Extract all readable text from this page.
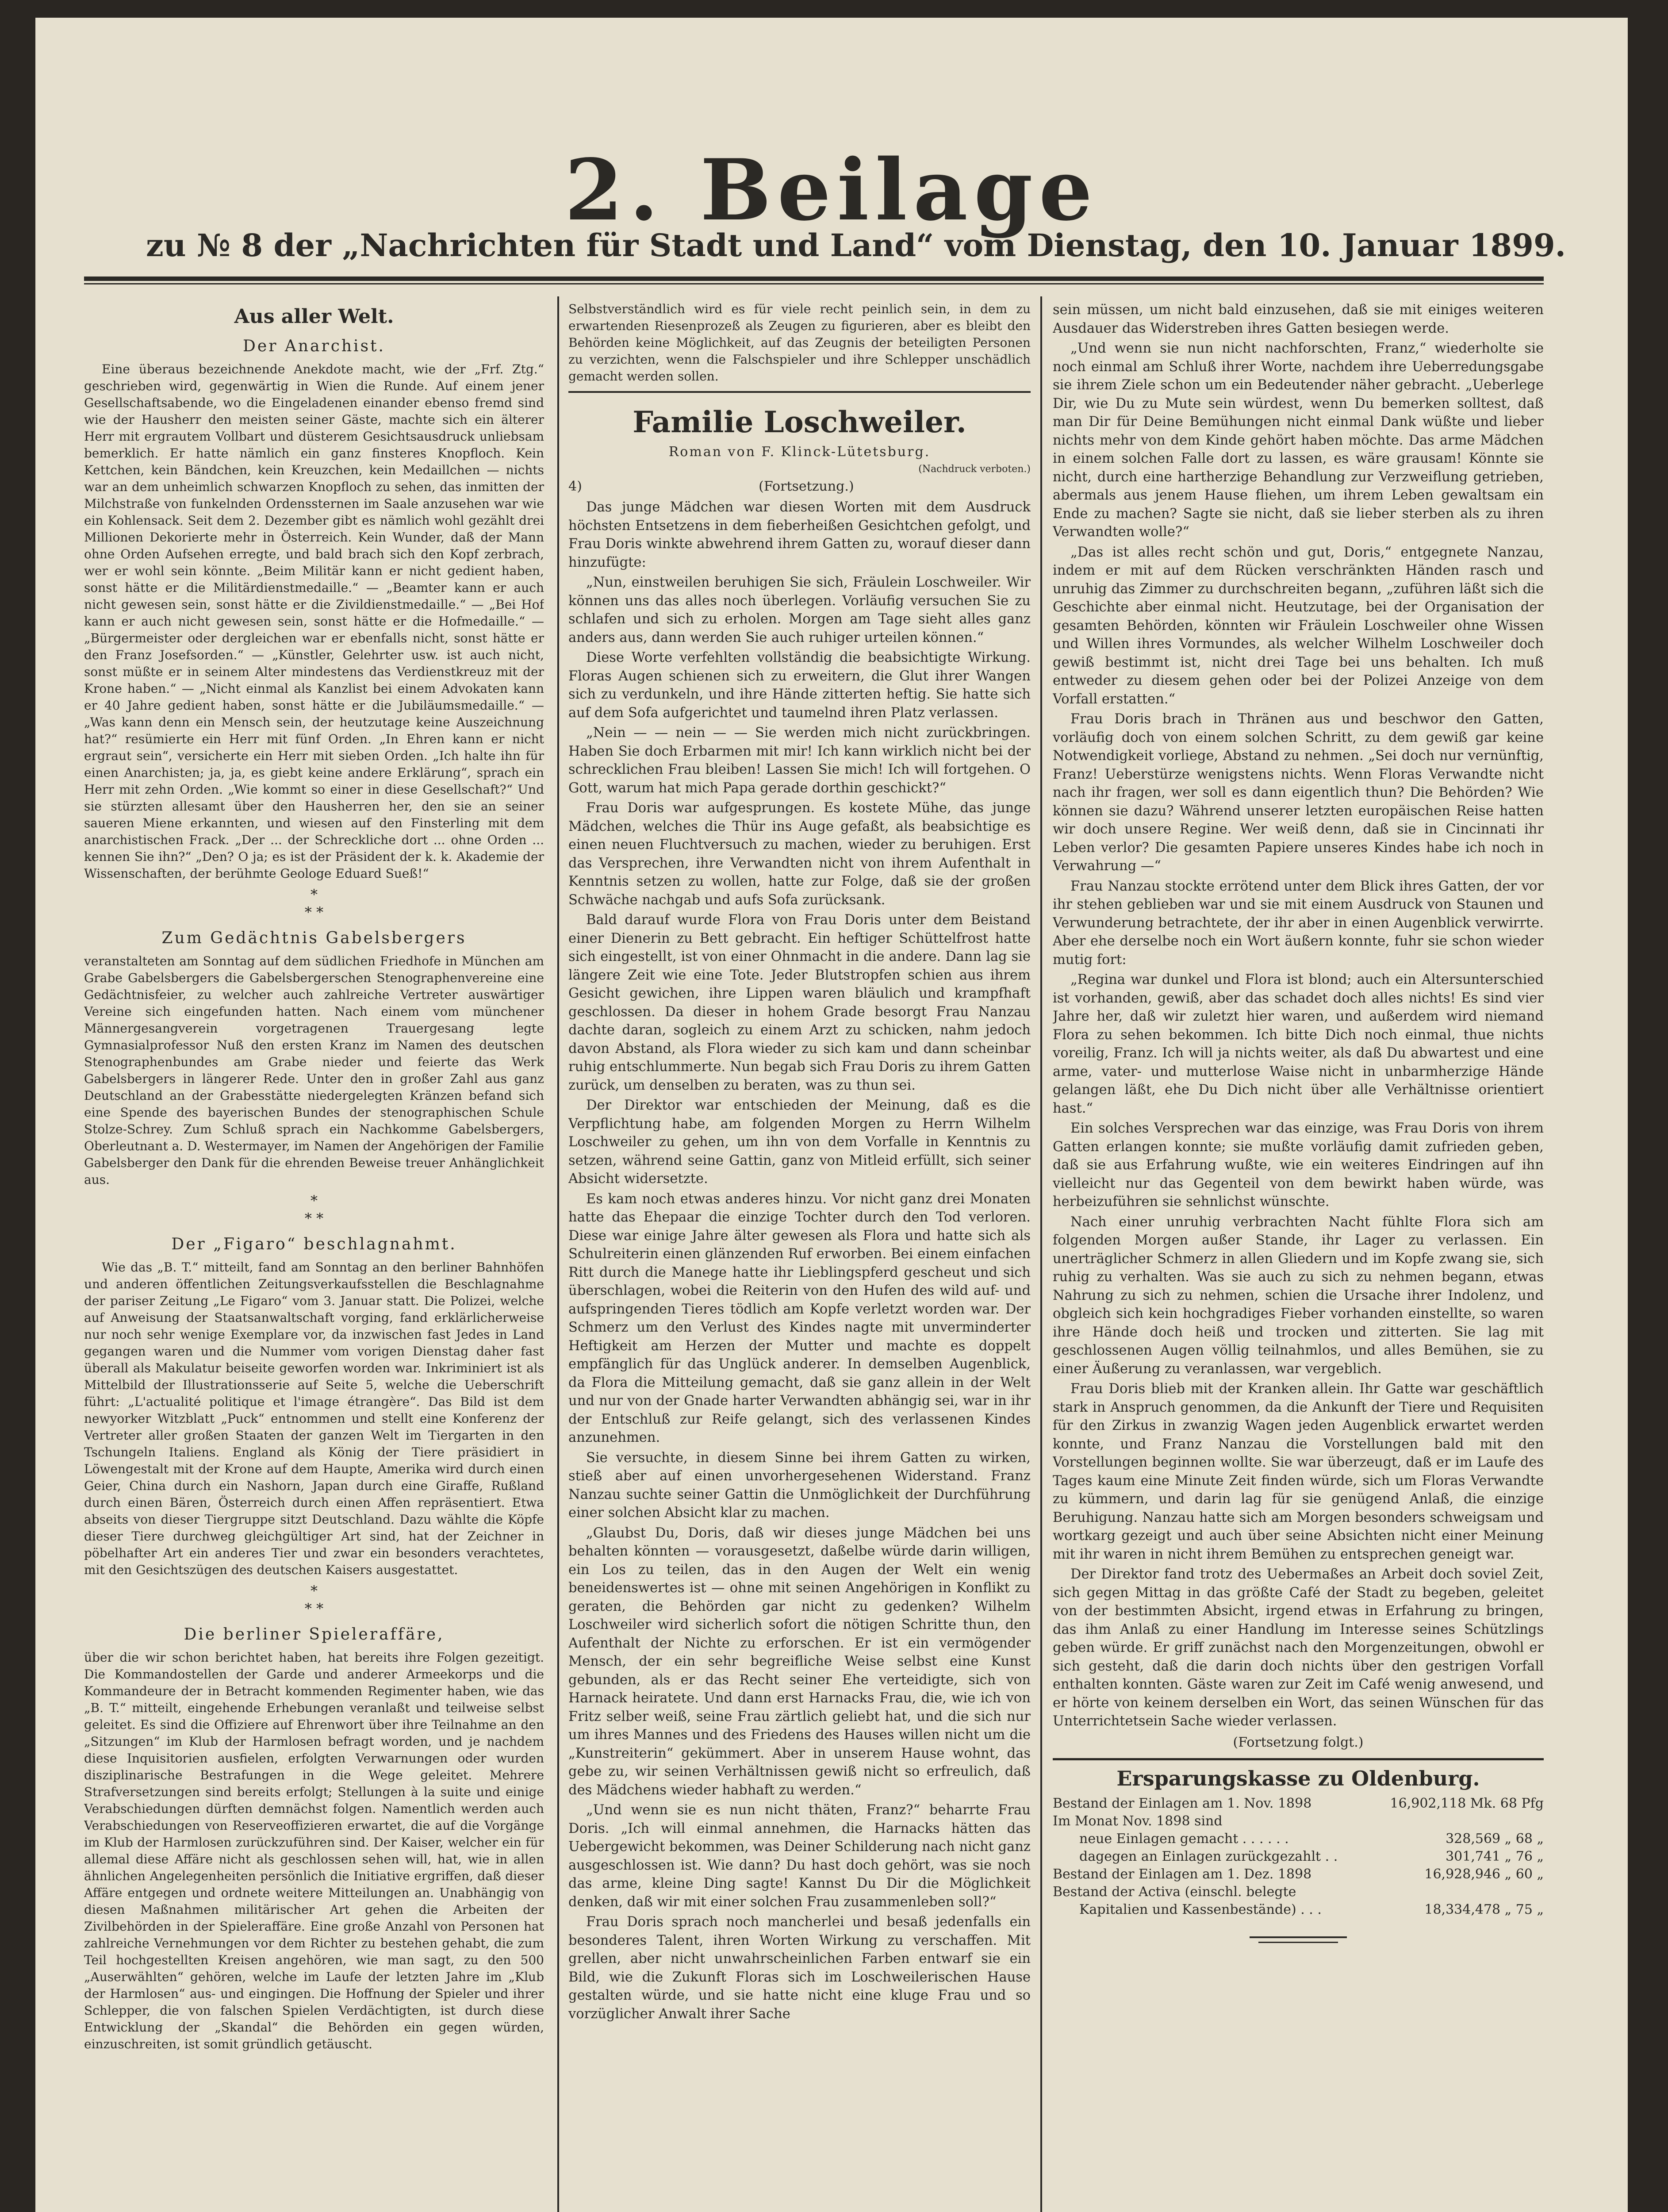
2. Beilage
zu № 8 der „Nachrichten für Stadt und Land“ vom Dienstag, den 10. Januar 1899.
Aus aller Welt.
Der Anarchist.

Eine überaus bezeichnende Anekdote macht, wie der „Frf. Ztg.“ geschrieben wird, gegenwärtig in Wien die Runde. Auf einem jener Gesellschaftsabende, wo die Eingeladenen einander ebenso fremd sind wie der Hausherr den meisten seiner Gäste, machte sich ein älterer Herr mit ergrautem Vollbart und düsterem Gesichtsausdruck unliebsam bemerklich. Er hatte nämlich ein ganz finsteres Knopfloch. Kein Kettchen, kein Bändchen, kein Kreuzchen, kein Medaillchen — nichts war an dem unheimlich schwarzen Knopfloch zu sehen, das inmitten der Milchstraße von funkelnden Ordenssternen im Saale anzusehen war wie ein Kohlensack. Seit dem 2. Dezember gibt es nämlich wohl gezählt drei Millionen Dekorierte mehr in Österreich. Kein Wunder, daß der Mann ohne Orden Aufsehen erregte, und bald brach sich den Kopf zerbrach, wer er wohl sein könnte. „Beim Militär kann er nicht gedient haben, sonst hätte er die Militärdienstmedaille.“ — „Beamter kann er auch nicht gewesen sein, sonst hätte er die Zivildienstmedaille.“ — „Bei Hof kann er auch nicht gewesen sein, sonst hätte er die Hofmedaille.“ — „Bürgermeister oder dergleichen war er ebenfalls nicht, sonst hätte er den Franz Josefsorden.“ — „Künstler, Gelehrter usw. ist auch nicht, sonst müßte er in seinem Alter mindestens das Verdienstkreuz mit der Krone haben.“ — „Nicht einmal als Kanzlist bei einem Advokaten kann er 40 Jahre gedient haben, sonst hätte er die Jubiläumsmedaille.“ — „Was kann denn ein Mensch sein, der heutzutage keine Auszeichnung hat?“ resümierte ein Herr mit fünf Orden. „In Ehren kann er nicht ergraut sein“, versicherte ein Herr mit sieben Orden. „Ich halte ihn für einen Anarchisten; ja, ja, es giebt keine andere Erklärung“, sprach ein Herr mit zehn Orden. „Wie kommt so einer in diese Gesellschaft?“ Und sie stürzten allesamt über den Hausherren her, den sie an seiner saueren Miene erkannten, und wiesen auf den Finsterling mit dem anarchistischen Frack. „Der ... der Schreckliche dort ... ohne Orden ... kennen Sie ihn?“ „Den? O ja; es ist der Präsident der k. k. Akademie der Wissenschaften, der berühmte Geologe Eduard Sueß!“

*
* *
Zum Gedächtnis Gabelsbergers

veranstalteten am Sonntag auf dem südlichen Friedhofe in München am Grabe Gabelsbergers die Gabelsbergerschen Stenographenvereine eine Gedächtnisfeier, zu welcher auch zahlreiche Vertreter auswärtiger Vereine sich eingefunden hatten. Nach einem vom münchener Männergesangverein vorgetragenen Trauergesang legte Gymnasialprofessor Nuß den ersten Kranz im Namen des deutschen Stenographenbundes am Grabe nieder und feierte das Werk Gabelsbergers in längerer Rede. Unter den in großer Zahl aus ganz Deutschland an der Grabesstätte niedergelegten Kränzen befand sich eine Spende des bayerischen Bundes der stenographischen Schule Stolze-Schrey. Zum Schluß sprach ein Nachkomme Gabelsbergers, Oberleutnant a. D. Westermayer, im Namen der Angehörigen der Familie Gabelsberger den Dank für die ehrenden Beweise treuer Anhänglichkeit aus.

*
* *
Der „Figaro“ beschlagnahmt.

Wie das „B. T.“ mitteilt, fand am Sonntag an den berliner Bahnhöfen und anderen öffentlichen Zeitungsverkaufsstellen die Beschlagnahme der pariser Zeitung „Le Figaro“ vom 3. Januar statt. Die Polizei, welche auf Anweisung der Staatsanwaltschaft vorging, fand erklärlicherweise nur noch sehr wenige Exemplare vor, da inzwischen fast Jedes in Land gegangen waren und die Nummer vom vorigen Dienstag daher fast überall als Makulatur beiseite geworfen worden war. Inkriminiert ist als Mittelbild der Illustrationsserie auf Seite 5, welche die Ueberschrift führt: „L'actualité politique et l'image étrangère“. Das Bild ist dem newyorker Witzblatt „Puck“ entnommen und stellt eine Konferenz der Vertreter aller großen Staaten der ganzen Welt im Tiergarten in den Tschungeln Italiens. England als König der Tiere präsidiert in Löwengestalt mit der Krone auf dem Haupte, Amerika wird durch einen Geier, China durch ein Nashorn, Japan durch eine Giraffe, Rußland durch einen Bären, Österreich durch einen Affen repräsentiert. Etwa abseits von dieser Tiergruppe sitzt Deutschland. Dazu wählte die Köpfe dieser Tiere durchweg gleichgültiger Art sind, hat der Zeichner in pöbelhafter Art ein anderes Tier und zwar ein besonders verachtetes, mit den Gesichtszügen des deutschen Kaisers ausgestattet.

*
* *
Die berliner Spieleraffäre,

über die wir schon berichtet haben, hat bereits ihre Folgen gezeitigt. Die Kommandostellen der Garde und anderer Armeekorps und die Kommandeure der in Betracht kommenden Regimenter haben, wie das „B. T.“ mitteilt, eingehende Erhebungen veranlaßt und teilweise selbst geleitet. Es sind die Offiziere auf Ehrenwort über ihre Teilnahme an den „Sitzungen“ im Klub der Harmlosen befragt worden, und je nachdem diese Inquisitorien ausfielen, erfolgten Verwarnungen oder wurden disziplinarische Bestrafungen in die Wege geleitet. Mehrere Strafversetzungen sind bereits erfolgt; Stellungen à la suite und einige Verabschiedungen dürften demnächst folgen. Namentlich werden auch Verabschiedungen von Reserveoffizieren erwartet, die auf die Vorgänge im Klub der Harmlosen zurückzuführen sind. Der Kaiser, welcher ein für allemal diese Affäre nicht als geschlossen sehen will, hat, wie in allen ähnlichen Angelegenheiten persönlich die Initiative ergriffen, daß dieser Affäre entgegen und ordnete weitere Mitteilungen an. Unabhängig von diesen Maßnahmen militärischer Art gehen die Arbeiten der Zivilbehörden in der Spieleraffäre. Eine große Anzahl von Personen hat zahlreiche Vernehmungen vor dem Richter zu bestehen gehabt, die zum Teil hochgestellten Kreisen angehören, wie man sagt, zu den 500 „Auserwählten“ gehören, welche im Laufe der letzten Jahre im „Klub der Harmlosen“ aus- und eingingen. Die Hoffnung der Spieler und ihrer Schlepper, die von falschen Spielen Verdächtigten, ist durch diese Entwicklung der „Skandal“ die Behörden ein gegen würden, einzuschreiten, ist somit gründlich getäuscht.

Selbstverständlich wird es für viele recht peinlich sein, in dem zu erwartenden Riesenprozeß als Zeugen zu figurieren, aber es bleibt den Behörden keine Möglichkeit, auf das Zeugnis der beteiligten Personen zu verzichten, wenn die Falschspieler und ihre Schlepper unschädlich gemacht werden sollen.

Familie Loschweiler.
Roman von F. Klinck-Lütetsburg.
(Nachdruck verboten.)
4)	(Fortsetzung.)

Das junge Mädchen war diesen Worten mit dem Ausdruck höchsten Entsetzens in dem fieberheißen Gesichtchen gefolgt, und Frau Doris winkte abwehrend ihrem Gatten zu, worauf dieser dann hinzufügte:

„Nun, einstweilen beruhigen Sie sich, Fräulein Loschweiler. Wir können uns das alles noch überlegen. Vorläufig versuchen Sie zu schlafen und sich zu erholen. Morgen am Tage sieht alles ganz anders aus, dann werden Sie auch ruhiger urteilen können.“

Diese Worte verfehlten vollständig die beabsichtigte Wirkung. Floras Augen schienen sich zu erweitern, die Glut ihrer Wangen sich zu verdunkeln, und ihre Hände zitterten heftig. Sie hatte sich auf dem Sofa aufgerichtet und taumelnd ihren Platz verlassen.

„Nein — — nein — — Sie werden mich nicht zurückbringen. Haben Sie doch Erbarmen mit mir! Ich kann wirklich nicht bei der schrecklichen Frau bleiben! Lassen Sie mich! Ich will fortgehen. O Gott, warum hat mich Papa gerade dorthin geschickt?“

Frau Doris war aufgesprungen. Es kostete Mühe, das junge Mädchen, welches die Thür ins Auge gefaßt, als beabsichtige es einen neuen Fluchtversuch zu machen, wieder zu beruhigen. Erst das Versprechen, ihre Verwandten nicht von ihrem Aufenthalt in Kenntnis setzen zu wollen, hatte zur Folge, daß sie der großen Schwäche nachgab und aufs Sofa zurücksank.

Bald darauf wurde Flora von Frau Doris unter dem Beistand einer Dienerin zu Bett gebracht. Ein heftiger Schüttelfrost hatte sich eingestellt, ist von einer Ohnmacht in die andere. Dann lag sie längere Zeit wie eine Tote. Jeder Blutstropfen schien aus ihrem Gesicht gewichen, ihre Lippen waren bläulich und krampfhaft geschlossen. Da dieser in hohem Grade besorgt Frau Nanzau dachte daran, sogleich zu einem Arzt zu schicken, nahm jedoch davon Abstand, als Flora wieder zu sich kam und dann scheinbar ruhig entschlummerte. Nun begab sich Frau Doris zu ihrem Gatten zurück, um denselben zu beraten, was zu thun sei.

Der Direktor war entschieden der Meinung, daß es die Verpflichtung habe, am folgenden Morgen zu Herrn Wilhelm Loschweiler zu gehen, um ihn von dem Vorfalle in Kenntnis zu setzen, während seine Gattin, ganz von Mitleid erfüllt, sich seiner Absicht widersetzte.

Es kam noch etwas anderes hinzu. Vor nicht ganz drei Monaten hatte das Ehepaar die einzige Tochter durch den Tod verloren. Diese war einige Jahre älter gewesen als Flora und hatte sich als Schulreiterin einen glänzenden Ruf erworben. Bei einem einfachen Ritt durch die Manege hatte ihr Lieblingspferd gescheut und sich überschlagen, wobei die Reiterin von den Hufen des wild auf- und aufspringenden Tieres tödlich am Kopfe verletzt worden war. Der Schmerz um den Verlust des Kindes nagte mit unverminderter Heftigkeit am Herzen der Mutter und machte es doppelt empfänglich für das Unglück anderer. In demselben Augenblick, da Flora die Mitteilung gemacht, daß sie ganz allein in der Welt und nur von der Gnade harter Verwandten abhängig sei, war in ihr der Entschluß zur Reife gelangt, sich des verlassenen Kindes anzunehmen.

Sie versuchte, in diesem Sinne bei ihrem Gatten zu wirken, stieß aber auf einen unvorhergesehenen Widerstand. Franz Nanzau suchte seiner Gattin die Unmöglichkeit der Durchführung einer solchen Absicht klar zu machen.

„Glaubst Du, Doris, daß wir dieses junge Mädchen bei uns behalten könnten — vorausgesetzt, daßelbe würde darin willigen, ein Los zu teilen, das in den Augen der Welt ein wenig beneidenswertes ist — ohne mit seinen Angehörigen in Konflikt zu geraten, die Behörden gar nicht zu gedenken? Wilhelm Loschweiler wird sicherlich sofort die nötigen Schritte thun, den Aufenthalt der Nichte zu erforschen. Er ist ein vermögender Mensch, der ein sehr begreifliche Weise selbst eine Kunst gebunden, als er das Recht seiner Ehe verteidigte, sich von Harnack heiratete. Und dann erst Harnacks Frau, die, wie ich von Fritz selber weiß, seine Frau zärtlich geliebt hat, und die sich nur um ihres Mannes und des Friedens des Hauses willen nicht um die „Kunstreiterin“ gekümmert. Aber in unserem Hause wohnt, das gebe zu, wir seinen Verhältnissen gewiß nicht so erfreulich, daß des Mädchens wieder habhaft zu werden.“

„Und wenn sie es nun nicht thäten, Franz?“ beharrte Frau Doris. „Ich will einmal annehmen, die Harnacks hätten das Uebergewicht bekommen, was Deiner Schilderung nach nicht ganz ausgeschlossen ist. Wie dann? Du hast doch gehört, was sie noch das arme, kleine Ding sagte! Kannst Du Dir die Möglichkeit denken, daß wir mit einer solchen Frau zusammenleben soll?“

Frau Doris sprach noch mancherlei und besaß jedenfalls ein besonderes Talent, ihren Worten Wirkung zu verschaffen. Mit grellen, aber nicht unwahrscheinlichen Farben entwarf sie ein Bild, wie die Zukunft Floras sich im Loschweilerischen Hause gestalten würde, und sie hatte nicht eine kluge Frau und so vorzüglicher Anwalt ihrer Sache

sein müssen, um nicht bald einzusehen, daß sie mit einiges weiteren Ausdauer das Widerstreben ihres Gatten besiegen werde.

„Und wenn sie nun nicht nachforschten, Franz,“ wiederholte sie noch einmal am Schluß ihrer Worte, nachdem ihre Ueberredungsgabe sie ihrem Ziele schon um ein Bedeutender näher gebracht. „Ueberlege Dir, wie Du zu Mute sein würdest, wenn Du bemerken solltest, daß man Dir für Deine Bemühungen nicht einmal Dank wüßte und lieber nichts mehr von dem Kinde gehört haben möchte. Das arme Mädchen in einem solchen Falle dort zu lassen, es wäre grausam! Könnte sie nicht, durch eine hartherzige Behandlung zur Verzweiflung getrieben, abermals aus jenem Hause fliehen, um ihrem Leben gewaltsam ein Ende zu machen? Sagte sie nicht, daß sie lieber sterben als zu ihren Verwandten wolle?“

„Das ist alles recht schön und gut, Doris,“ entgegnete Nanzau, indem er mit auf dem Rücken verschränkten Händen rasch und unruhig das Zimmer zu durchschreiten begann, „zuführen läßt sich die Geschichte aber einmal nicht. Heutzutage, bei der Organisation der gesamten Behörden, könnten wir Fräulein Loschweiler ohne Wissen und Willen ihres Vormundes, als welcher Wilhelm Loschweiler doch gewiß bestimmt ist, nicht drei Tage bei uns behalten. Ich muß entweder zu diesem gehen oder bei der Polizei Anzeige von dem Vorfall erstatten.“

Frau Doris brach in Thränen aus und beschwor den Gatten, vorläufig doch von einem solchen Schritt, zu dem gewiß gar keine Notwendigkeit vorliege, Abstand zu nehmen. „Sei doch nur vernünftig, Franz! Ueberstürze wenigstens nichts. Wenn Floras Verwandte nicht nach ihr fragen, wer soll es dann eigentlich thun? Die Behörden? Wie können sie dazu? Während unserer letzten europäischen Reise hatten wir doch unsere Regine. Wer weiß denn, daß sie in Cincinnati ihr Leben verlor? Die gesamten Papiere unseres Kindes habe ich noch in Verwahrung —“

Frau Nanzau stockte errötend unter dem Blick ihres Gatten, der vor ihr stehen geblieben war und sie mit einem Ausdruck von Staunen und Verwunderung betrachtete, der ihr aber in einen Augenblick verwirrte. Aber ehe derselbe noch ein Wort äußern konnte, fuhr sie schon wieder mutig fort:

„Regina war dunkel und Flora ist blond; auch ein Altersunterschied ist vorhanden, gewiß, aber das schadet doch alles nichts! Es sind vier Jahre her, daß wir zuletzt hier waren, und außerdem wird niemand Flora zu sehen bekommen. Ich bitte Dich noch einmal, thue nichts voreilig, Franz. Ich will ja nichts weiter, als daß Du abwartest und eine arme, vater- und mutterlose Waise nicht in unbarmherzige Hände gelangen läßt, ehe Du Dich nicht über alle Verhältnisse orientiert hast.“

Ein solches Versprechen war das einzige, was Frau Doris von ihrem Gatten erlangen konnte; sie mußte vorläufig damit zufrieden geben, daß sie aus Erfahrung wußte, wie ein weiteres Eindringen auf ihn vielleicht nur das Gegenteil von dem bewirkt haben würde, was herbeizuführen sie sehnlichst wünschte.

Nach einer unruhig verbrachten Nacht fühlte Flora sich am folgenden Morgen außer Stande, ihr Lager zu verlassen. Ein unerträglicher Schmerz in allen Gliedern und im Kopfe zwang sie, sich ruhig zu verhalten. Was sie auch zu sich zu nehmen begann, etwas Nahrung zu sich zu nehmen, schien die Ursache ihrer Indolenz, und obgleich sich kein hochgradiges Fieber vorhanden einstellte, so waren ihre Hände doch heiß und trocken und zitterten. Sie lag mit geschlossenen Augen völlig teilnahmlos, und alles Bemühen, sie zu einer Äußerung zu veranlassen, war vergeblich.

Frau Doris blieb mit der Kranken allein. Ihr Gatte war geschäftlich stark in Anspruch genommen, da die Ankunft der Tiere und Requisiten für den Zirkus in zwanzig Wagen jeden Augenblick erwartet werden konnte, und Franz Nanzau die Vorstellungen bald mit den Vorstellungen beginnen wollte. Sie war überzeugt, daß er im Laufe des Tages kaum eine Minute Zeit finden würde, sich um Floras Verwandte zu kümmern, und darin lag für sie genügend Anlaß, die einzige Beruhigung. Nanzau hatte sich am Morgen besonders schweigsam und wortkarg gezeigt und auch über seine Absichten nicht einer Meinung mit ihr waren in nicht ihrem Bemühen zu entsprechen geneigt war.

Der Direktor fand trotz des Uebermaßes an Arbeit doch soviel Zeit, sich gegen Mittag in das größte Café der Stadt zu begeben, geleitet von der bestimmten Absicht, irgend etwas in Erfahrung zu bringen, das ihm Anlaß zu einer Handlung im Interesse seines Schützlings geben würde. Er griff zunächst nach den Morgenzeitungen, obwohl er sich gesteht, daß die darin doch nichts über den gestrigen Vorfall enthalten konnten. Gäste waren zur Zeit im Café wenig anwesend, und er hörte von keinem derselben ein Wort, das seinen Wünschen für das Unterrichtetsein Sache wieder verlassen.

(Fortsetzung folgt.)
Ersparungskasse zu Oldenburg.
Bestand der Einlagen am 1. Nov. 1898	16,902,118 Mk. 68 Pfg
Im Monat Nov. 1898 sind
neue Einlagen gemacht . . . . . .	328,569 „ 68 „
dagegen an Einlagen zurückgezahlt . .	301,741 „ 76 „
Bestand der Einlagen am 1. Dez. 1898	16,928,946 „ 60 „
Bestand der Activa (einschl. belegte
Kapitalien und Kassenbestände) . . .	18,334,478 „ 75 „
